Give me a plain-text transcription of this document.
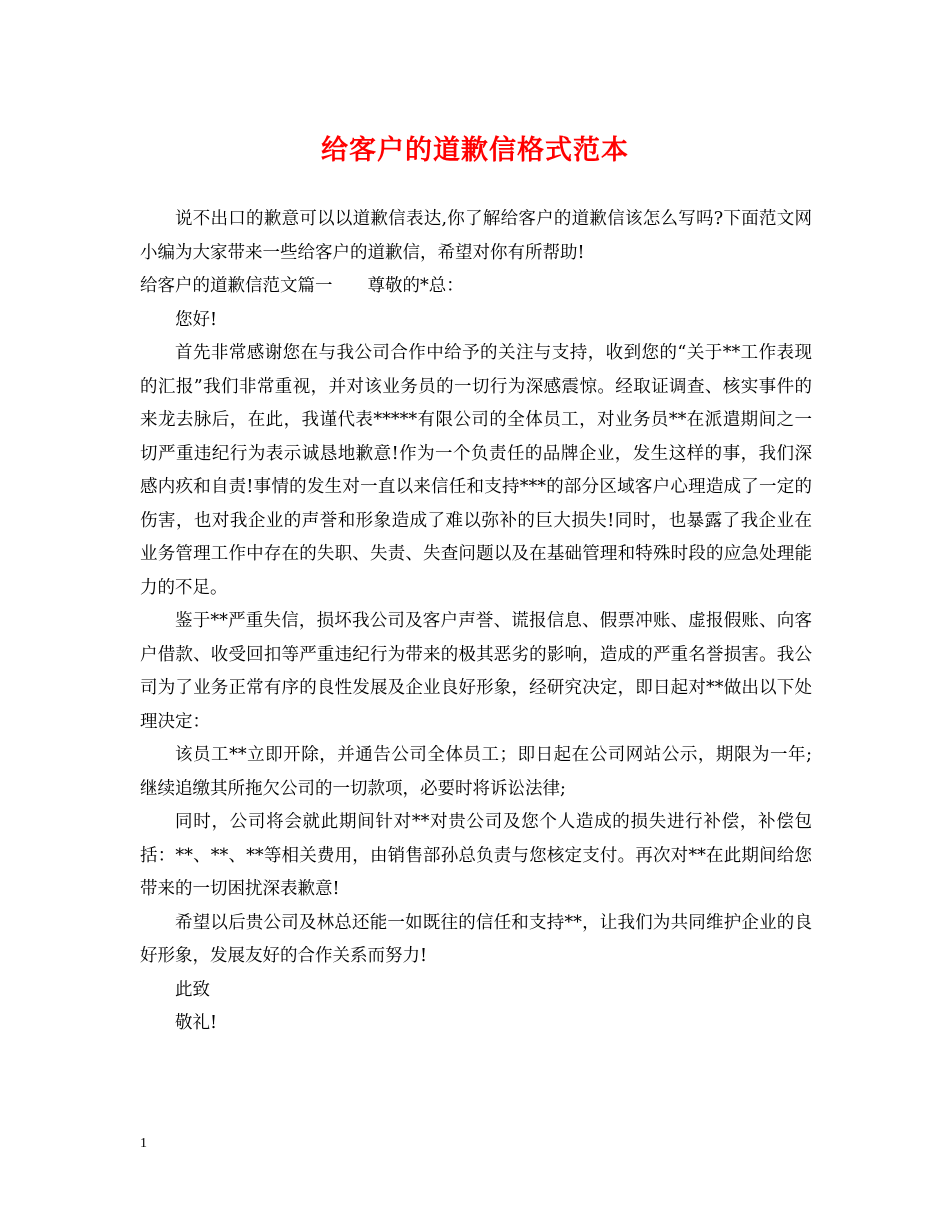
给客户的道歉信格式范本

说不出口的歉意可以以道歉信表达,你了解给客户的道歉信该怎么写吗?下面范文网小编为大家带来一些给客户的道歉信，希望对你有所帮助!

给客户的道歉信范文篇一　　尊敬的*总：

您好!

首先非常感谢您在与我公司合作中给予的关注与支持，收到您的“关于**工作表现的汇报”我们非常重视，并对该业务员的一切行为深感震惊。经取证调查、核实事件的来龙去脉后，在此，我谨代表*****有限公司的全体员工，对业务员**在派遣期间之一切严重违纪行为表示诚恳地歉意!作为一个负责任的品牌企业，发生这样的事，我们深感内疚和自责!事情的发生对一直以来信任和支持***的部分区域客户心理造成了一定的伤害，也对我企业的声誉和形象造成了难以弥补的巨大损失!同时，也暴露了我企业在业务管理工作中存在的失职、失责、失查问题以及在基础管理和特殊时段的应急处理能力的不足。

鉴于**严重失信，损坏我公司及客户声誉、谎报信息、假票冲账、虚报假账、向客户借款、收受回扣等严重违纪行为带来的极其恶劣的影响，造成的严重名誉损害。我公司为了业务正常有序的良性发展及企业良好形象，经研究决定，即日起对**做出以下处理决定：

该员工**立即开除，并通告公司全体员工；即日起在公司网站公示，期限为一年; 继续追缴其所拖欠公司的一切款项，必要时将诉讼法律;

同时，公司将会就此期间针对**对贵公司及您个人造成的损失进行补偿，补偿包括：**、**、**等相关费用，由销售部孙总负责与您核定支付。再次对**在此期间给您带来的一切困扰深表歉意!

希望以后贵公司及林总还能一如既往的信任和支持**，让我们为共同维护企业的良好形象，发展友好的合作关系而努力!

此致

敬礼!

1
